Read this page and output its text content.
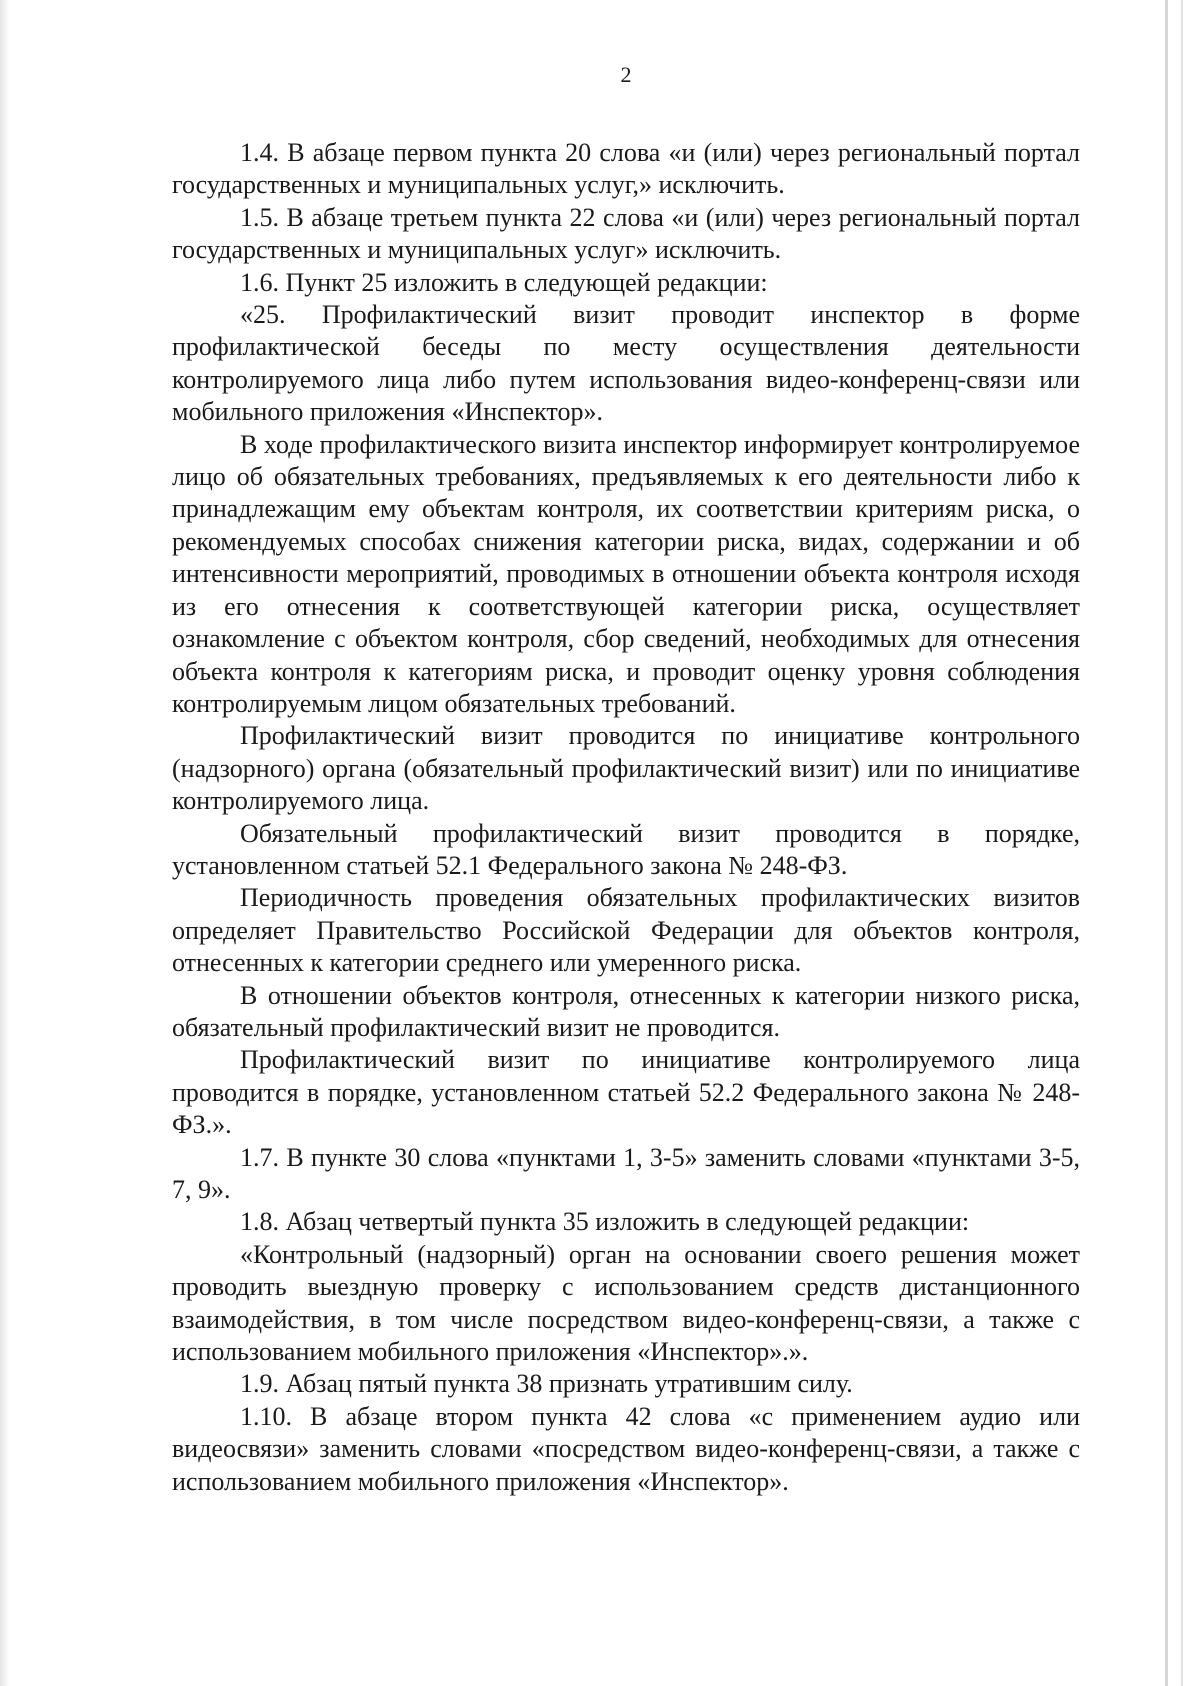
2

1.4. В абзаце первом пункта 20 слова «и (или) через региональный портал государственных и муниципальных услуг,» исключить.

1.5. В абзаце третьем пункта 22 слова «и (или) через региональный портал государственных и муниципальных услуг» исключить.

1.6. Пункт 25 изложить в следующей редакции:

«25. Профилактический визит проводит инспектор в форме профилактической беседы по месту осуществления деятельности контролируемого лица либо путем использования видео-конференц-связи или мобильного приложения «Инспектор».

В ходе профилактического визита инспектор информирует контролируемое лицо об обязательных требованиях, предъявляемых к его деятельности либо к принадлежащим ему объектам контроля, их соответствии критериям риска, о рекомендуемых способах снижения категории риска, видах, содержании и об интенсивности мероприятий, проводимых в отношении объекта контроля исходя из его отнесения к соответствующей категории риска, осуществляет ознакомление с объектом контроля, сбор сведений, необходимых для отнесения объекта контроля к категориям риска, и проводит оценку уровня соблюдения контролируемым лицом обязательных требований.

Профилактический визит проводится по инициативе контрольного (надзорного) органа (обязательный профилактический визит) или по инициативе контролируемого лица.

Обязательный профилактический визит проводится в порядке, установленном статьей 52.1 Федерального закона № 248-ФЗ.

Периодичность проведения обязательных профилактических визитов определяет Правительство Российской Федерации для объектов контроля, отнесенных к категории среднего или умеренного риска.

В отношении объектов контроля, отнесенных к категории низкого риска, обязательный профилактический визит не проводится.

Профилактический визит по инициативе контролируемого лица проводится в порядке, установленном статьей 52.2 Федерального закона № 248-ФЗ.».

1.7. В пункте 30 слова «пунктами 1, 3-5» заменить словами «пунктами 3-5, 7, 9».

1.8. Абзац четвертый пункта 35 изложить в следующей редакции:

«Контрольный (надзорный) орган на основании своего решения может проводить выездную проверку с использованием средств дистанционного взаимодействия, в том числе посредством видео-конференц-связи, а также с использованием мобильного приложения «Инспектор».».

1.9. Абзац пятый пункта 38 признать утратившим силу.

1.10. В абзаце втором пункта 42 слова «с применением аудио или видеосвязи» заменить словами «посредством видео-конференц-связи, а также с использованием мобильного приложения «Инспектор».
